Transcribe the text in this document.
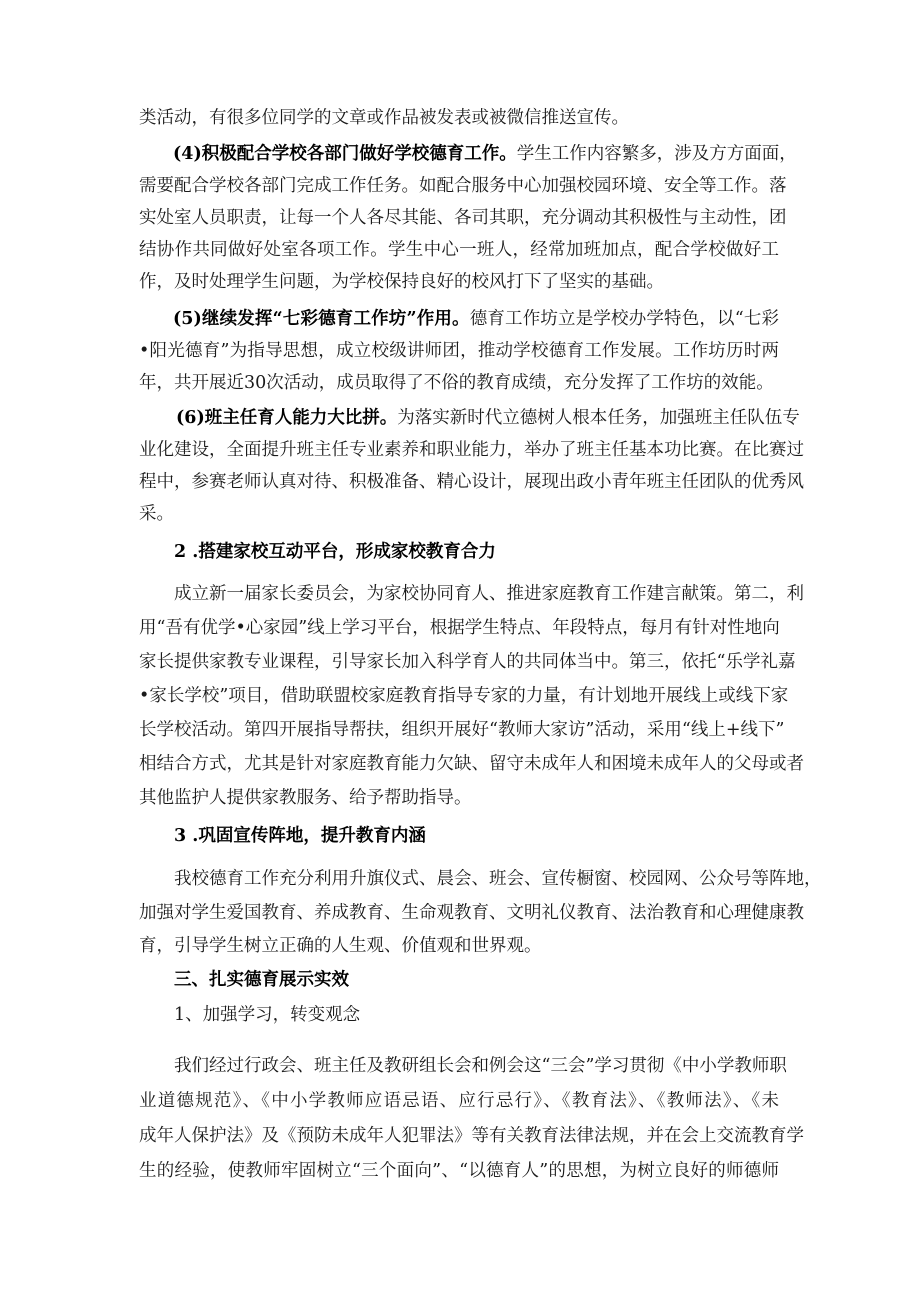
类活动，有很多位同学的文章或作品被发表或被微信推送宣传。
(4)积极配合学校各部门做好学校德育工作。学生工作内容繁多，涉及方方面面，
需要配合学校各部门完成工作任务。如配合服务中心加强校园环境、安全等工作。落
实处室人员职责，让每一个人各尽其能、各司其职，充分调动其积极性与主动性，团
结协作共同做好处室各项工作。学生中心一班人，经常加班加点，配合学校做好工
作，及时处理学生问题，为学校保持良好的校风打下了坚实的基础。
(5)继续发挥“七彩德育工作坊”作用。德育工作坊立是学校办学特色，以“七彩
•阳光德育”为指导思想，成立校级讲师团，推动学校德育工作发展。工作坊历时两
年，共开展近30次活动，成员取得了不俗的教育成绩，充分发挥了工作坊的效能。
(6)班主任育人能力大比拼。为落实新时代立德树人根本任务，加强班主任队伍专
业化建设，全面提升班主任专业素养和职业能力，举办了班主任基本功比赛。在比赛过
程中，参赛老师认真对待、积极准备、精心设计，展现出政小青年班主任团队的优秀风
采。
2 .搭建家校互动平台，形成家校教育合力
成立新一届家长委员会，为家校协同育人、推进家庭教育工作建言献策。第二，利
用“吾有优学•心家园”线上学习平台，根据学生特点、年段特点，每月有针对性地向
家长提供家教专业课程，引导家长加入科学育人的共同体当中。第三，依托“乐学礼嘉
•家长学校”项目，借助联盟校家庭教育指导专家的力量，有计划地开展线上或线下家
长学校活动。第四开展指导帮扶，组织开展好“教师大家访”活动，采用“线上+线下”
相结合方式，尤其是针对家庭教育能力欠缺、留守未成年人和困境未成年人的父母或者
其他监护人提供家教服务、给予帮助指导。
3 .巩固宣传阵地，提升教育内涵
我校德育工作充分利用升旗仪式、晨会、班会、宣传橱窗、校园网、公众号等阵地，
加强对学生爱国教育、养成教育、生命观教育、文明礼仪教育、法治教育和心理健康教
育，引导学生树立正确的人生观、价值观和世界观。
三、扎实德育展示实效
1、加强学习，转变观念
我们经过行政会、班主任及教研组长会和例会这“三会”学习贯彻《中小学教师职
业道德规范》、《中小学教师应语忌语、应行忌行》、《教育法》、《教师法》、《未
成年人保护法》及《预防未成年人犯罪法》等有关教育法律法规，并在会上交流教育学
生的经验，使教师牢固树立“三个面向”、“以德育人”的思想，为树立良好的师德师
